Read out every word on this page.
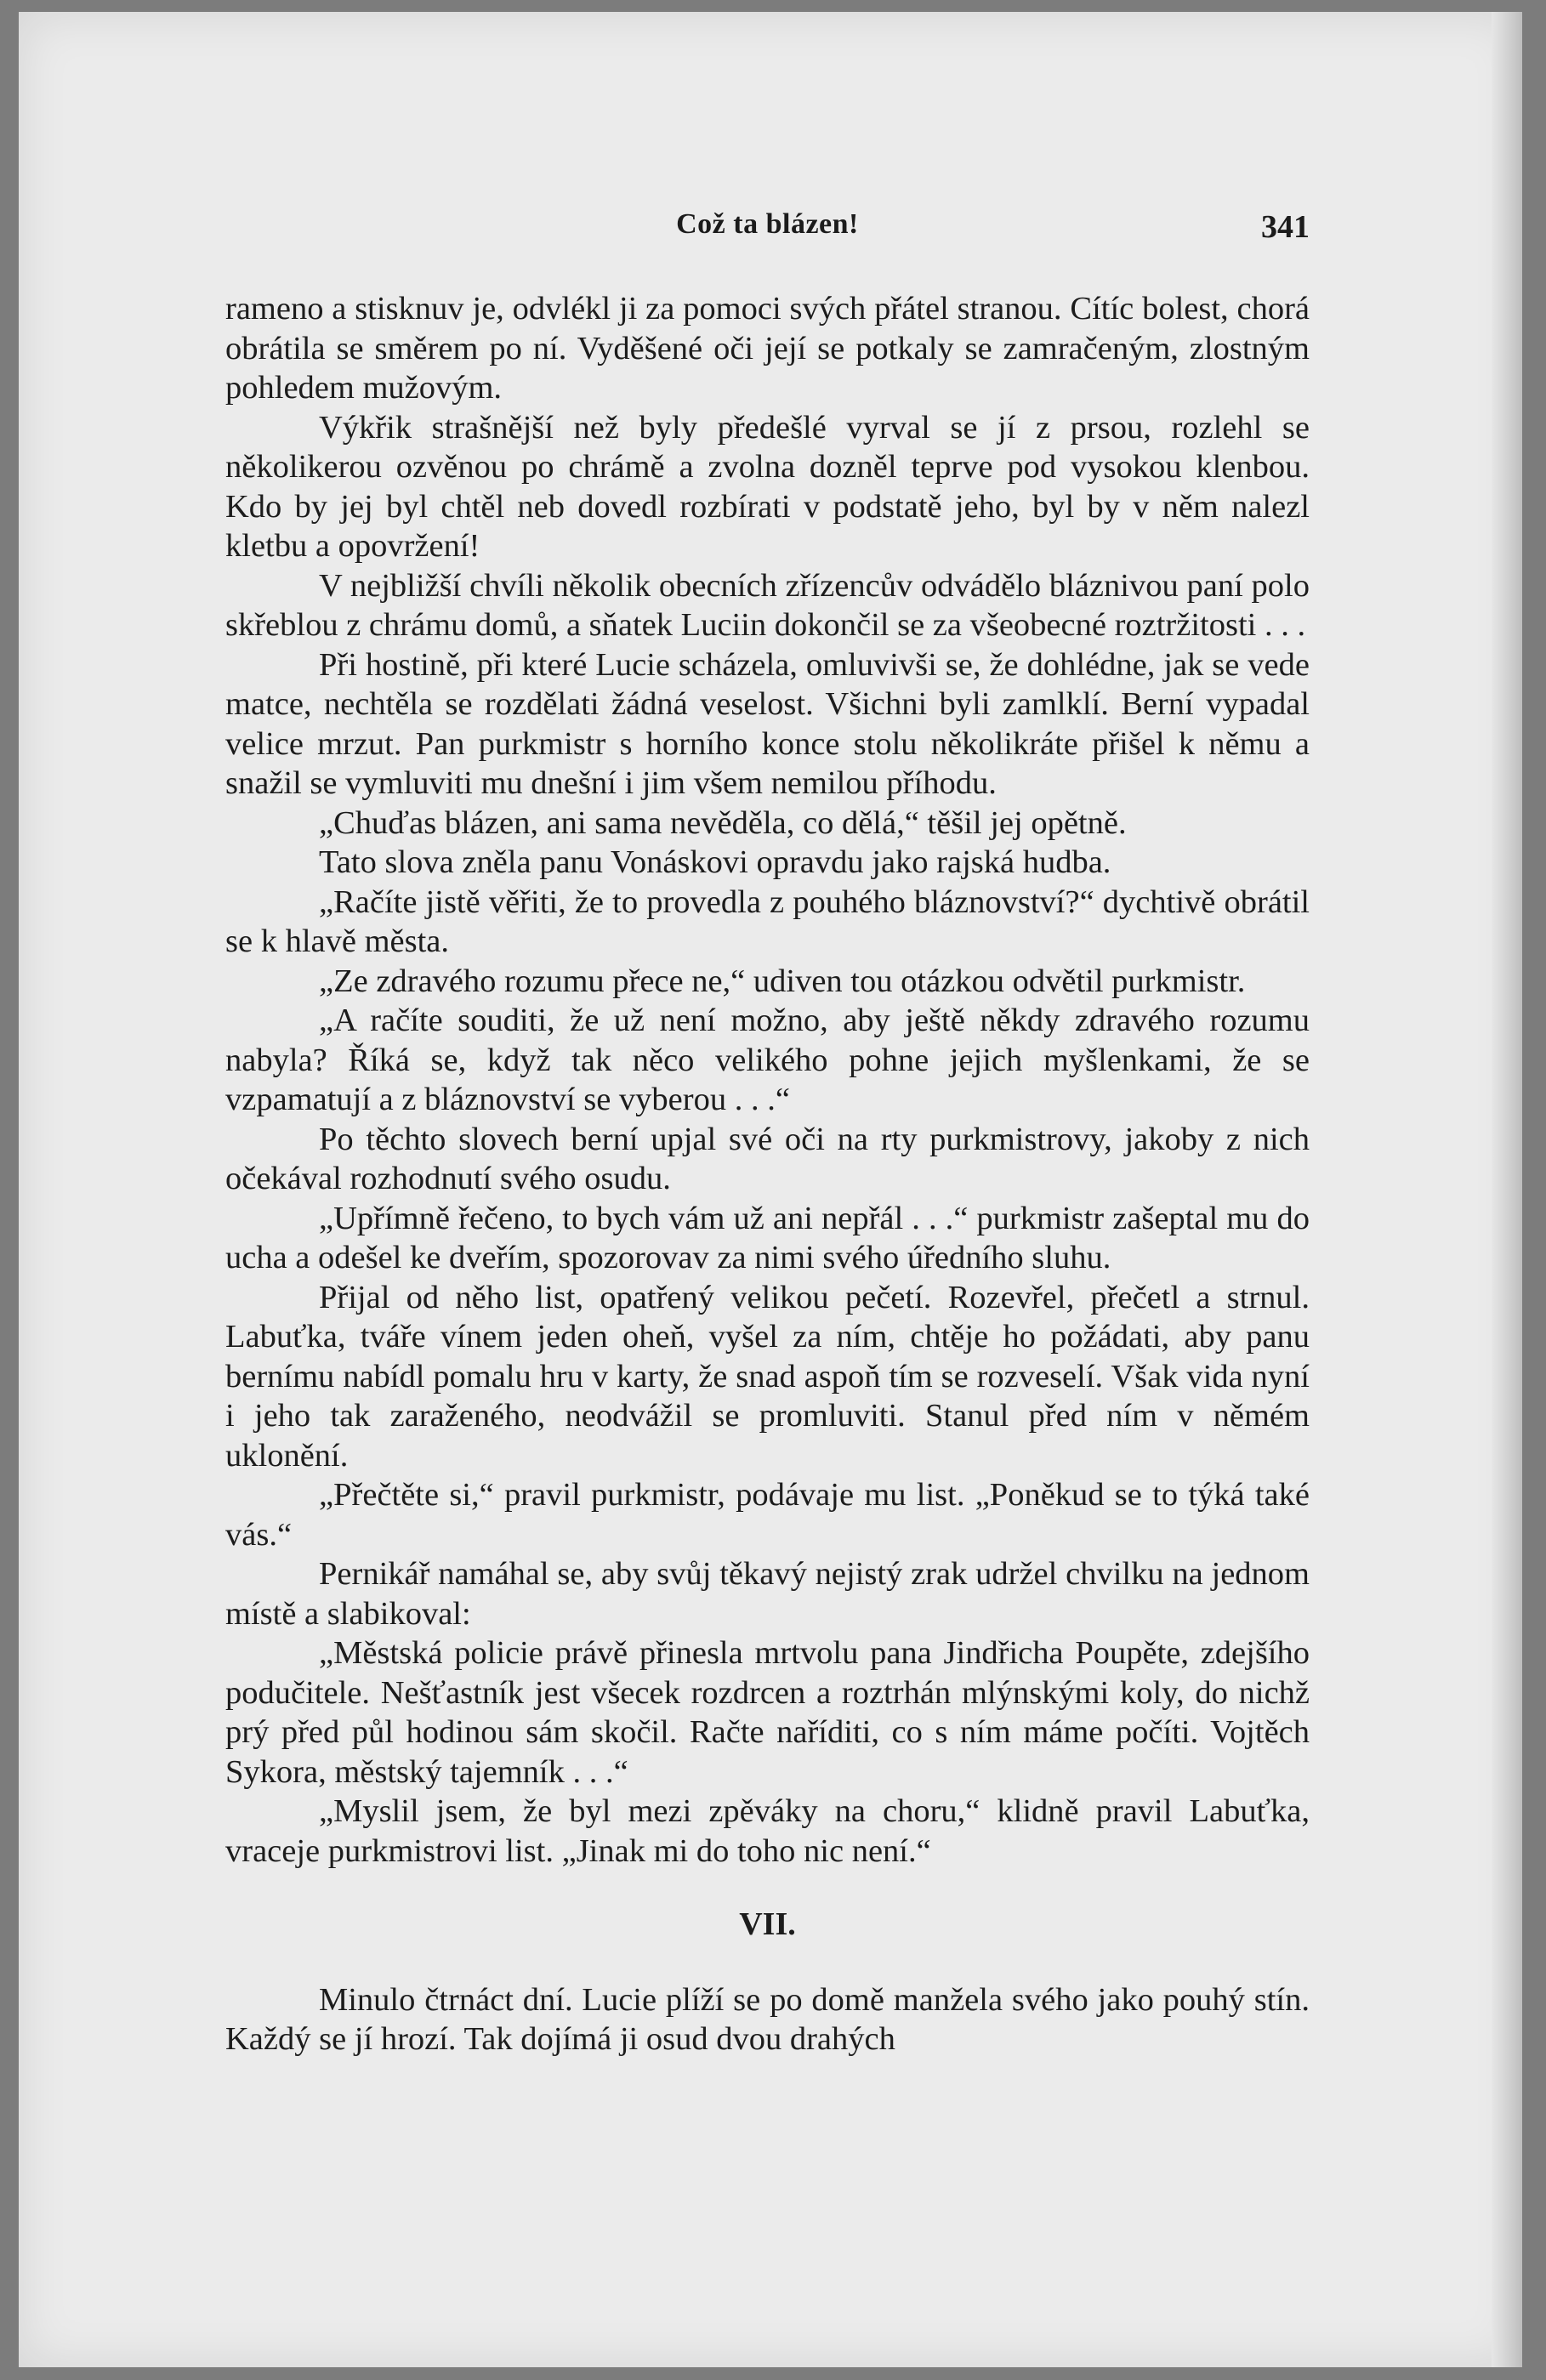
Což ta blázen!	341

rameno a stisknuv je, odvlékl ji za pomoci svých přátel stranou. Cítíc bolest, chorá obrátila se směrem po ní. Vyděšené oči její se potkaly se zamračeným, zlostným pohledem mužovým.

Výkřik strašnější než byly předešlé vyrval se jí z prsou, rozlehl se několikerou ozvěnou po chrámě a zvolna dozněl teprve pod vysokou klenbou. Kdo by jej byl chtěl neb dovedl rozbírati v podstatě jeho, byl by v něm nalezl kletbu a opovržení!

V nejbližší chvíli několik obecních zřízencův odvádělo bláznivou paní polo skřeblou z chrámu domů, a sňatek Luciin dokončil se za všeobecné roztržitosti . . .

Při hostině, při které Lucie scházela, omluvivši se, že dohlédne, jak se vede matce, nechtěla se rozdělati žádná veselost. Všichni byli zamlklí. Berní vypadal velice mrzut. Pan purkmistr s horního konce stolu několikráte přišel k němu a snažil se vymluviti mu dnešní i jim všem nemilou příhodu.

„Chuďas blázen, ani sama nevěděla, co dělá,“ těšil jej opětně.

Tato slova zněla panu Vonáskovi opravdu jako rajská hudba.

„Račíte jistě věřiti, že to provedla z pouhého bláznovství?“ dychtivě obrátil se k hlavě města.

„Ze zdravého rozumu přece ne,“ udiven tou otázkou odvětil purkmistr.

„A račíte souditi, že už není možno, aby ještě někdy zdravého rozumu nabyla? Říká se, když tak něco velikého pohne jejich myšlenkami, že se vzpamatují a z bláznovství se vyberou . . .“

Po těchto slovech berní upjal své oči na rty purkmistrovy, jakoby z nich očekával rozhodnutí svého osudu.

„Upřímně řečeno, to bych vám už ani nepřál . . .“ purkmistr zašeptal mu do ucha a odešel ke dveřím, spozorovav za nimi svého úředního sluhu.

Přijal od něho list, opatřený velikou pečetí. Rozevřel, přečetl a strnul. Labuťka, tváře vínem jeden oheň, vyšel za ním, chtěje ho požádati, aby panu bernímu nabídl pomalu hru v karty, že snad aspoň tím se rozveselí. Však vida nyní i jeho tak zaraženého, neodvážil se promluviti. Stanul před ním v němém uklonění.

„Přečtěte si,“ pravil purkmistr, podávaje mu list. „Poněkud se to týká také vás.“

Pernikář namáhal se, aby svůj těkavý nejistý zrak udržel chvilku na jednom místě a slabikoval:

„Městská policie právě přinesla mrtvolu pana Jindřicha Poupěte, zdejšího podučitele. Nešťastník jest všecek rozdrcen a roztrhán mlýnskými koly, do nichž prý před půl hodinou sám skočil. Račte naříditi, co s ním máme počíti. Vojtěch Sykora, městský tajemník . . .“

„Myslil jsem, že byl mezi zpěváky na choru,“ klidně pravil Labuťka, vraceje purkmistrovi list. „Jinak mi do toho nic není.“

VII.

Minulo čtrnáct dní. Lucie plíží se po domě manžela svého jako pouhý stín. Každý se jí hrozí. Tak dojímá ji osud dvou drahých
